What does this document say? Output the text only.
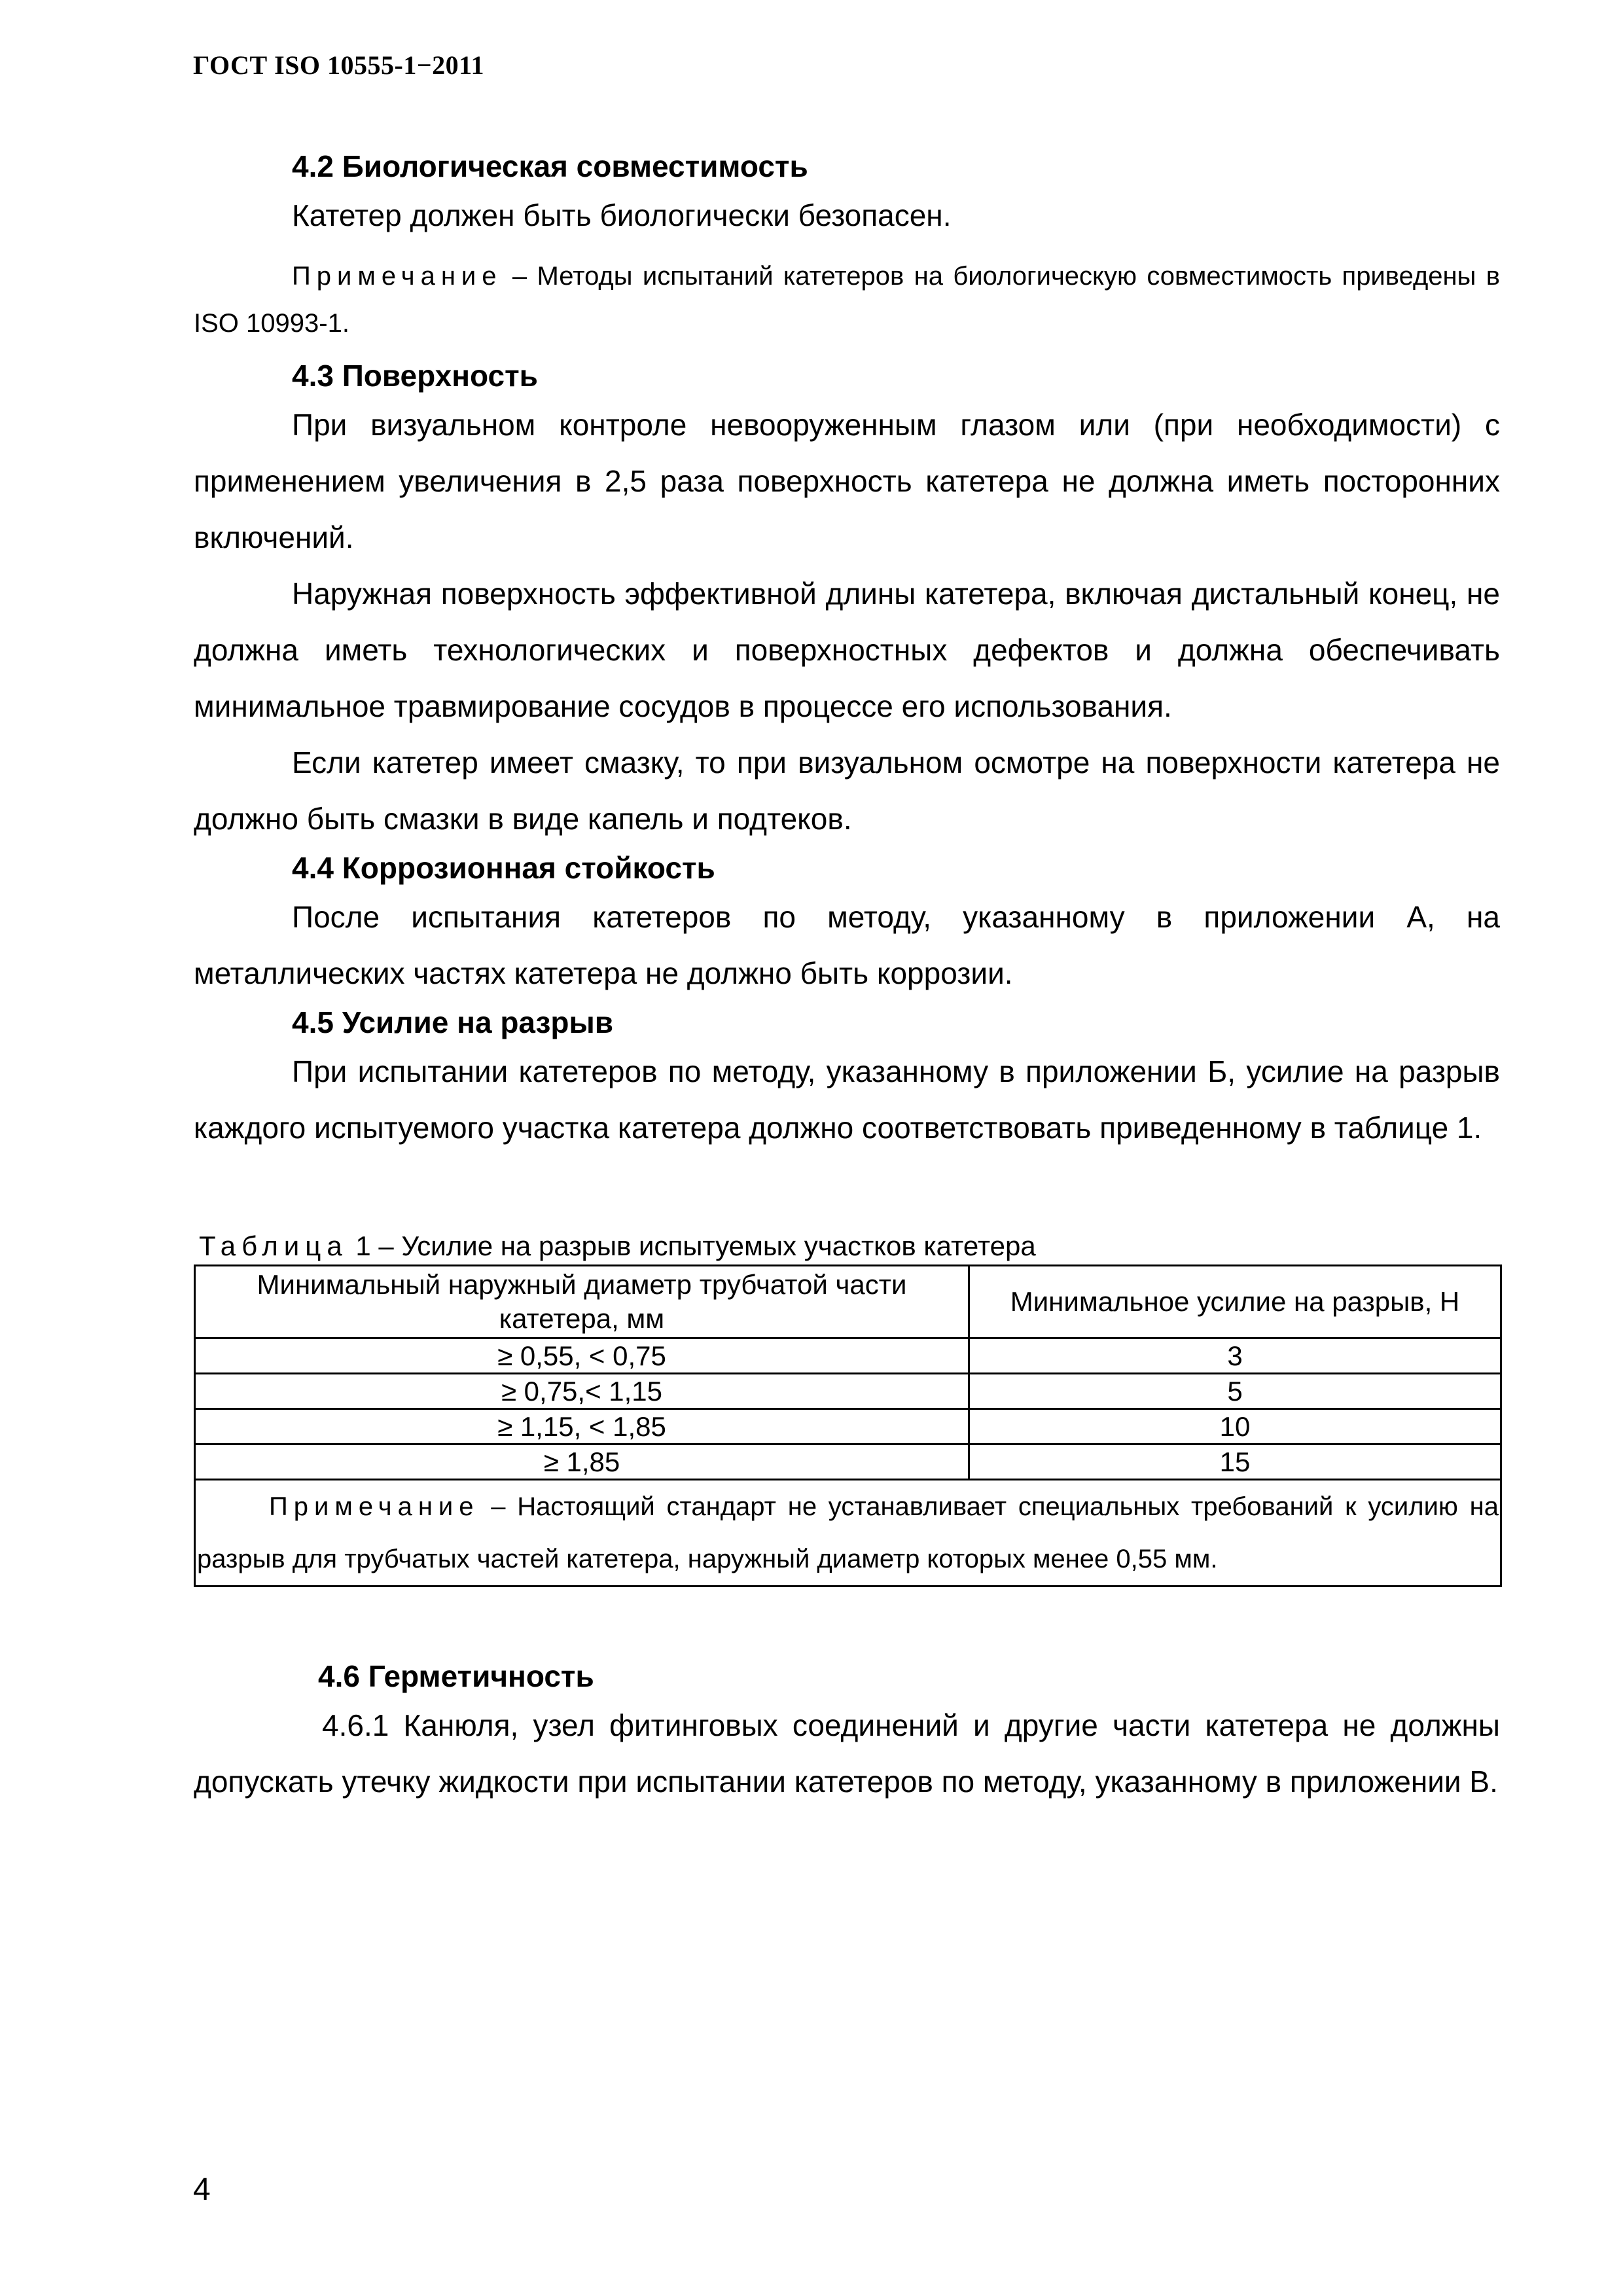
ГОСТ ISO 10555-1−2011
4.2 Биологическая совместимость

Катетер должен быть биологически безопасен.

Примечание – Методы испытаний катетеров на биологическую совместимость приведены в ISO 10993-1.

4.3 Поверхность

При визуальном контроле невооруженным глазом или (при необходимости) с применением увеличения в 2,5 раза поверхность катетера не должна иметь посторонних включений.

Наружная поверхность эффективной длины катетера, включая дистальный конец, не должна иметь технологических и поверхностных дефектов и должна обеспечивать минимальное травмирование сосудов в процессе его использования.

Если катетер имеет смазку, то при визуальном осмотре на поверхности катетера не должно быть смазки в виде капель и подтеков.

4.4 Коррозионная стойкость

После испытания катетеров по методу, указанному в приложении А, на металлических частях катетера не должно быть коррозии.

4.5 Усилие на разрыв

При испытании катетеров по методу, указанному в приложении Б, усилие на разрыв каждого испытуемого участка катетера должно соответствовать приведенному в таблице 1.

Таблица 1 – Усилие на разрыв испытуемых участков катетера
Минимальный наружный диаметр трубчатой части катетера, мм	Минимальное усилие на разрыв, Н
≥ 0,55, < 0,75	3
≥ 0,75,< 1,15	5
≥ 1,15, < 1,85	10
≥ 1,85	15
Примечание – Настоящий стандарт не устанавливает специальных требований к усилию на разрыв для трубчатых частей катетера, наружный диаметр которых менее 0,55 мм.	
4.6 Герметичность

4.6.1 Канюля, узел фитинговых соединений и другие части катетера не должны допускать утечку жидкости при испытании катетеров по методу, указанному в приложении В.

4
